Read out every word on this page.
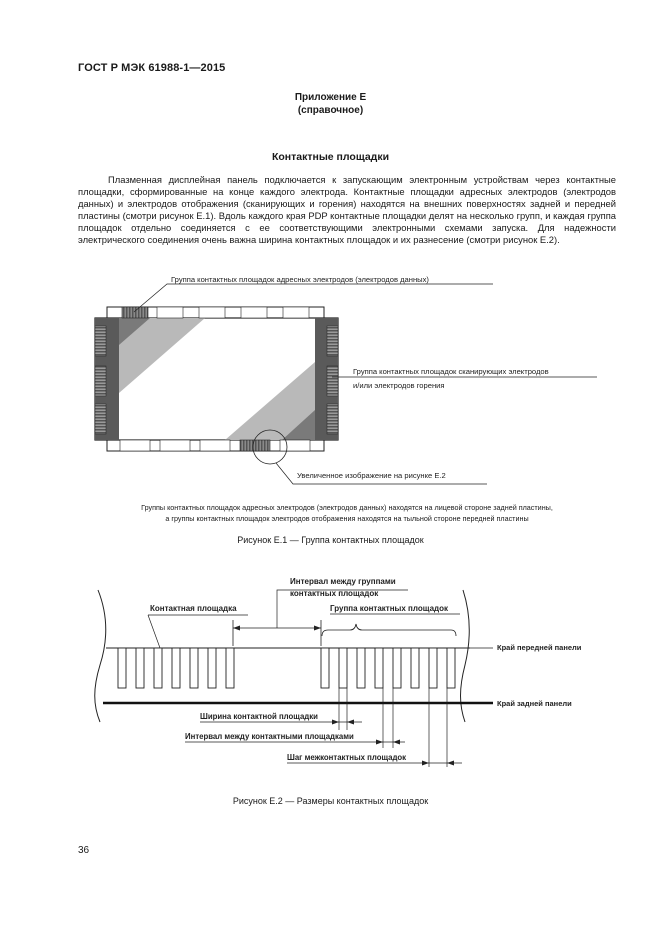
ГОСТ Р МЭК 61988-1—2015
Приложение E
(справочное)
Контактные площадки
Плазменная дисплейная панель подключается к запускающим электронным устройствам через контактные площадки, сформированные на конце каждого электрода. Контактные площадки адресных электродов (электродов данных) и электродов отображения (сканирующих и горения) находятся на внешних поверхностях задней и передней пластины (смотри рисунок E.1). Вдоль каждого края PDP контактные площадки делят на несколько групп, и каждая группа площадок отдельно соединяется с ее соответствующими электронными схемами запуска. Для надежности электрического соединения очень важна ширина контактных площадок и их разнесение (смотри рисунок E.2).
Группа контактных площадок адресных электродов (электродов данных)
Группа контактных площадок сканирующих электродов
и/или электродов горения
Увеличенное изображение на рисунке E.2
Группы контактных площадок адресных электродов (электродов данных) находятся на лицевой стороне задней пластины,
а группы контактных площадок электродов отображения находятся на тыльной стороне передней пластины
Рисунок E.1 — Группа контактных площадок
Интервал между группами
контактных площадок
Контактная площадка	Группа контактных площадок
Край передней панели
Край задней панели
Ширина контактной площадки
Интервал между контактными площадками
Шаг межконтактных площадок
Рисунок E.2 — Размеры контактных площадок
36
